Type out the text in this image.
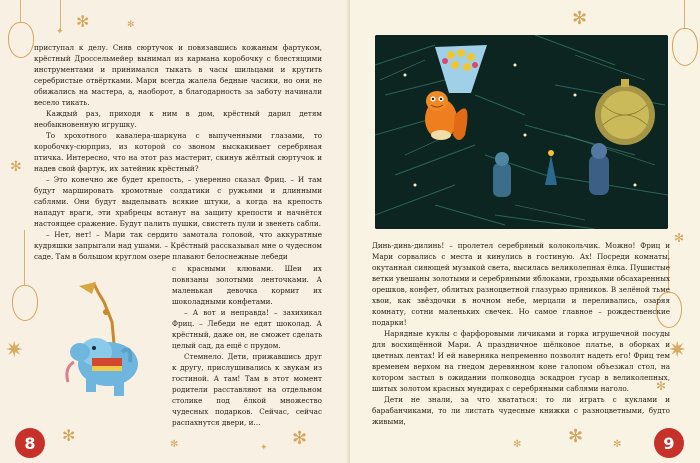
✻	✻
✦
✻
✷
✻	✻	✻
✦
8

приступал к делу. Сняв сюртучок и повязавшись кожаным фартуком, крёстный Дроссельмейер вынимал из кармана коробочку с блестящими инструментами и принимался тыкать в часы шильцами и крутить серебристые отвёртками. Мари всегда жалела бедные часики, но они не обижались на мастера, а, наоборот, в благодарность за заботу начинали весело тикать.

Каждый раз, приходя к ним в дом, крёстный дарил детям необыкновенную игрушку.

То хрохотного кавалера-шаркуна с выпученными глазами, то коробочку-сюрприз, из которой со звоном выскакивает серебряная птичка. Интересно, что на этот раз мастерит, скинув жёлтый сюртучок и надев свой фартук, их затейник крёстный?

– Это конечно же будет крепость, – уверенно сказал Фриц. – И там будут маршировать хромотные солдатики с ружьями и длинными саблями. Они будут выделывать всякие штуки, а когда на крепость нападут враги, эти храбрецы встанут на защиту крепости и начнётся настоящее сражение. Будут палить пушки, свистеть пули и звенеть сабли.

– Нет, нет! – Мари так сердито замотала головой, что аккуратные кудряшки запрыгали над ушами. – Крёстный рассказывал мне о чудесном саде. Там в большом круглом озере плавают белоснежные лебеди

с красными клювами. Шеи их повязаны золотыми ленточками. А маленькая девочка кормит их шоколадными конфетами.

– А вот и неправда! – захихикал Фриц. – Лебеди не едят шоколад. А крёстный, даже он, не сможет сделать целый сад, да ещё с прудом.

Стемнело. Дети, прижавшись друг к другу, прислушивались к звукам из гостиной. А там! Там в этот момент родители расставляют на отдельном столике под ёлкой множество чудесных подарков. Сейчас, сейчас распахнутся двери, и…

✻
✻
✷
✻
✻
✻	✻	9

Динь-динь-дилинь! – пролетел серебряный колокольчик. Можно! Фриц и Мари сорвались с места и кинулись в гостиную. Ах! Посреди комнаты, окутанная сияющей музыкой света, высилась великолепная ёлка. Пушистые ветки увешаны золотыми и серебряными яблоками, гроздьями обсахаренных орешков, конфет, облитых разноцветной глазурью пряников. В зелёной тьме хвои, как звёздочки в ночном небе, мерцали и переливались, озаряя комнату, сотни маленьких свечек. Но самое главное – рождественские подарки!

Нарядные куклы с фарфоровыми личиками и горка игрушечной посуды для восхищённой Мари. А праздничное шёлковое платье, в оборках и цветных лентах! И ей наверняка непременно позволят надеть его! Фриц тем временем верхом на гнедом деревянном коне галопом объезжал стол, на котором застыл в ожидании полководца эскадрон гусар в великолепных, шитых золотом красных мундирах с серебряными саблями наголо.

Дети не знали, за что хвататься: то ли играть с куклами и барабанчиками, то ли листать чудесные книжки с разноцветными, будто живыми,
